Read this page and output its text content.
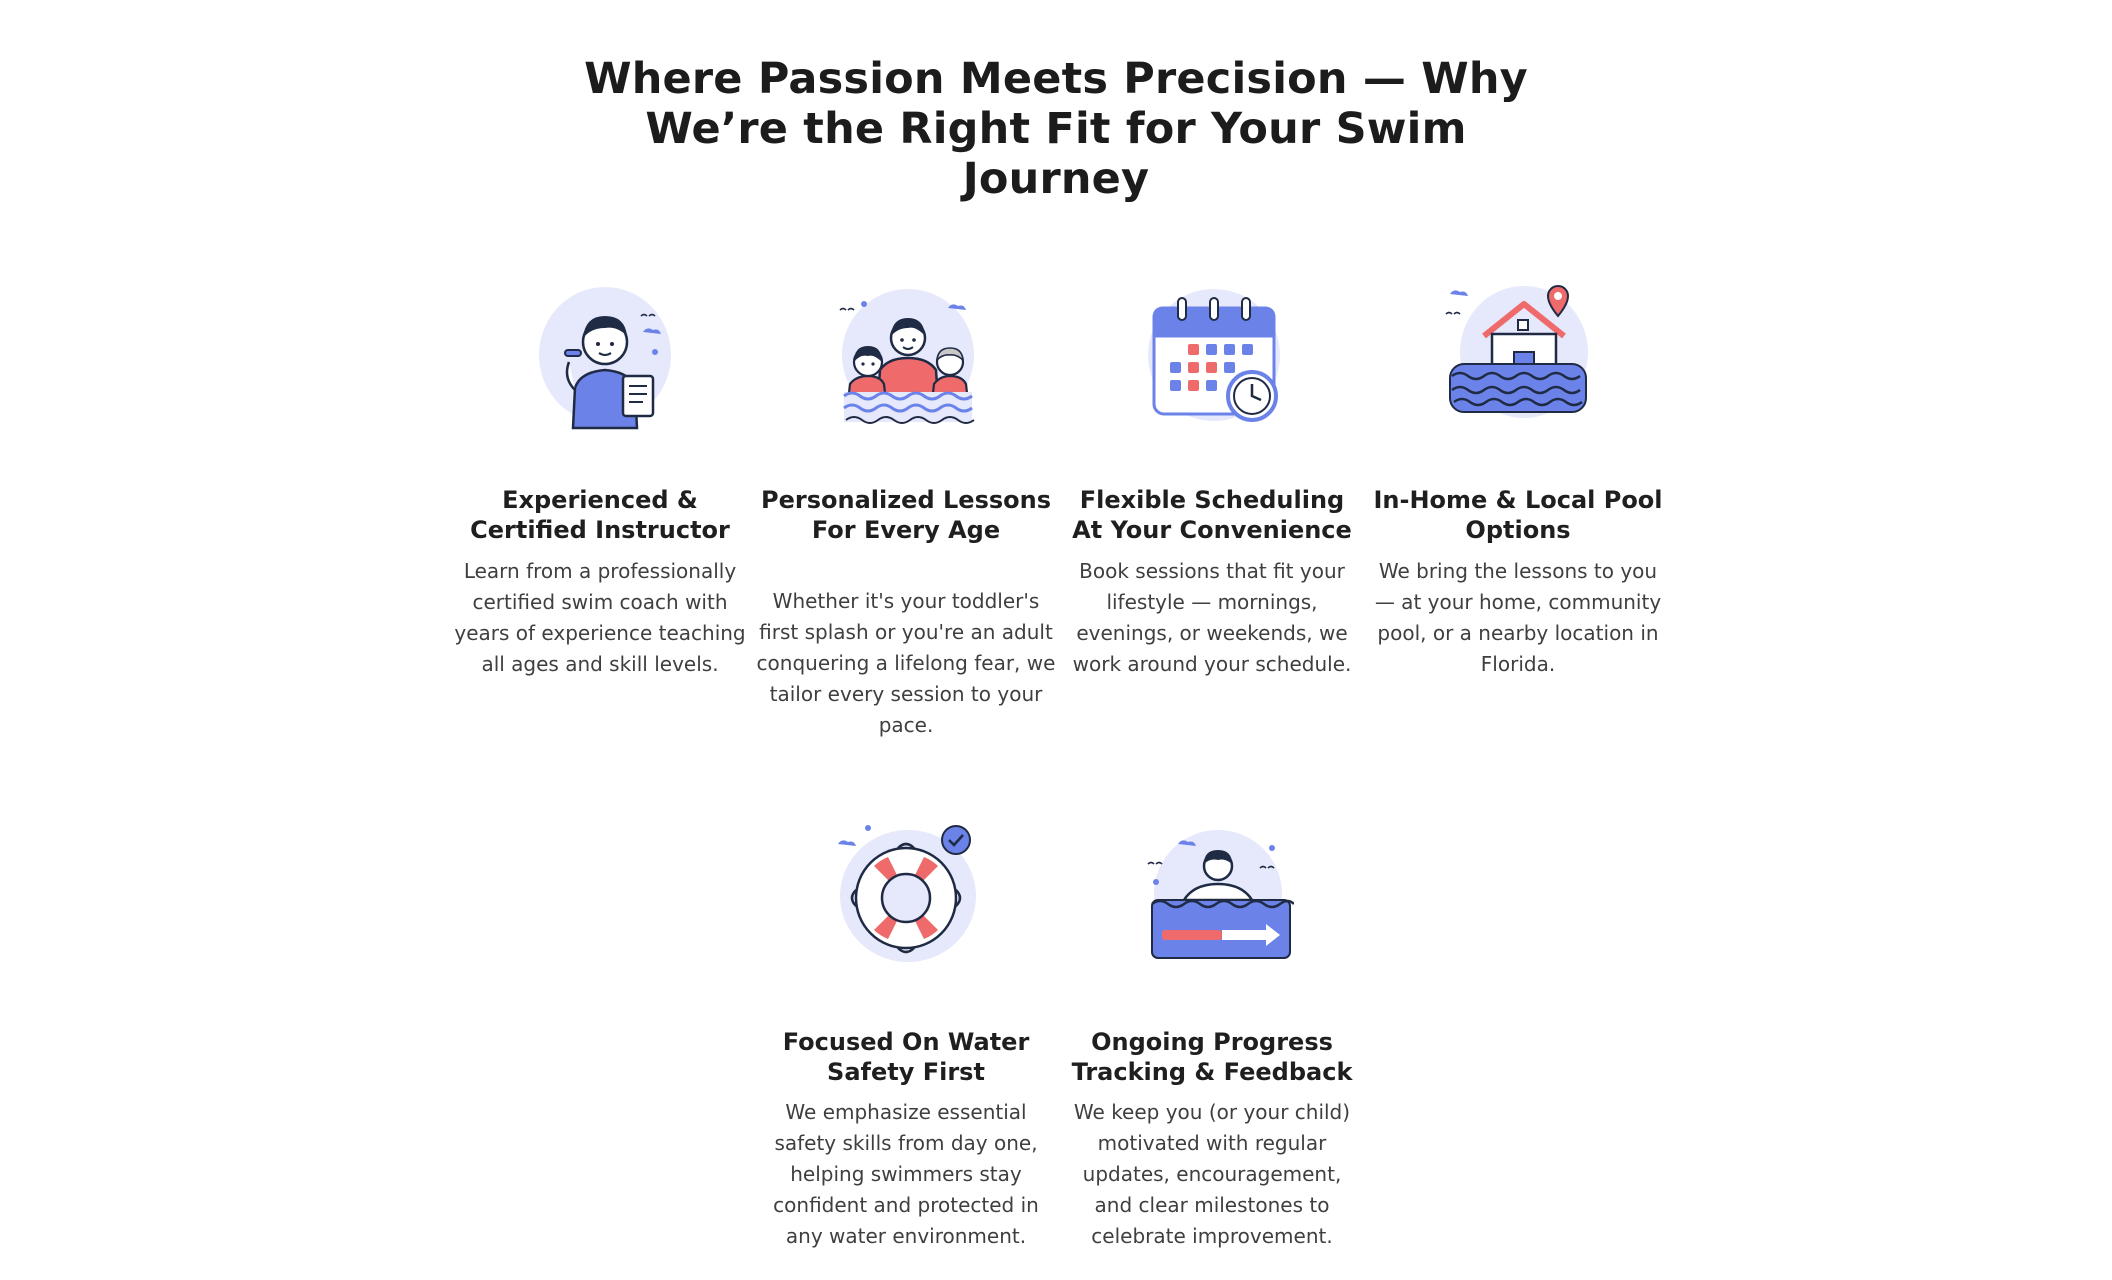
Where Passion Meets Precision — Why We’re the Right Fit for Your Swim Journey
Experienced & Certified Instructor

Learn from a professionally certified swim coach with years of experience teaching all ages and skill levels.

Personalized Lessons For Every Age

Whether it's your toddler's first splash or you're an adult conquering a lifelong fear, we tailor every session to your pace.

Flexible Scheduling At Your Convenience

Book sessions that fit your lifestyle — mornings, evenings, or weekends, we work around your schedule.

In-Home & Local Pool Options

We bring the lessons to you — at your home, community pool, or a nearby location in Florida.

Focused On Water Safety First

We emphasize essential safety skills from day one, helping swimmers stay confident and protected in any water environment.

Ongoing Progress Tracking & Feedback

We keep you (or your child) motivated with regular updates, encouragement, and clear milestones to celebrate improvement.
